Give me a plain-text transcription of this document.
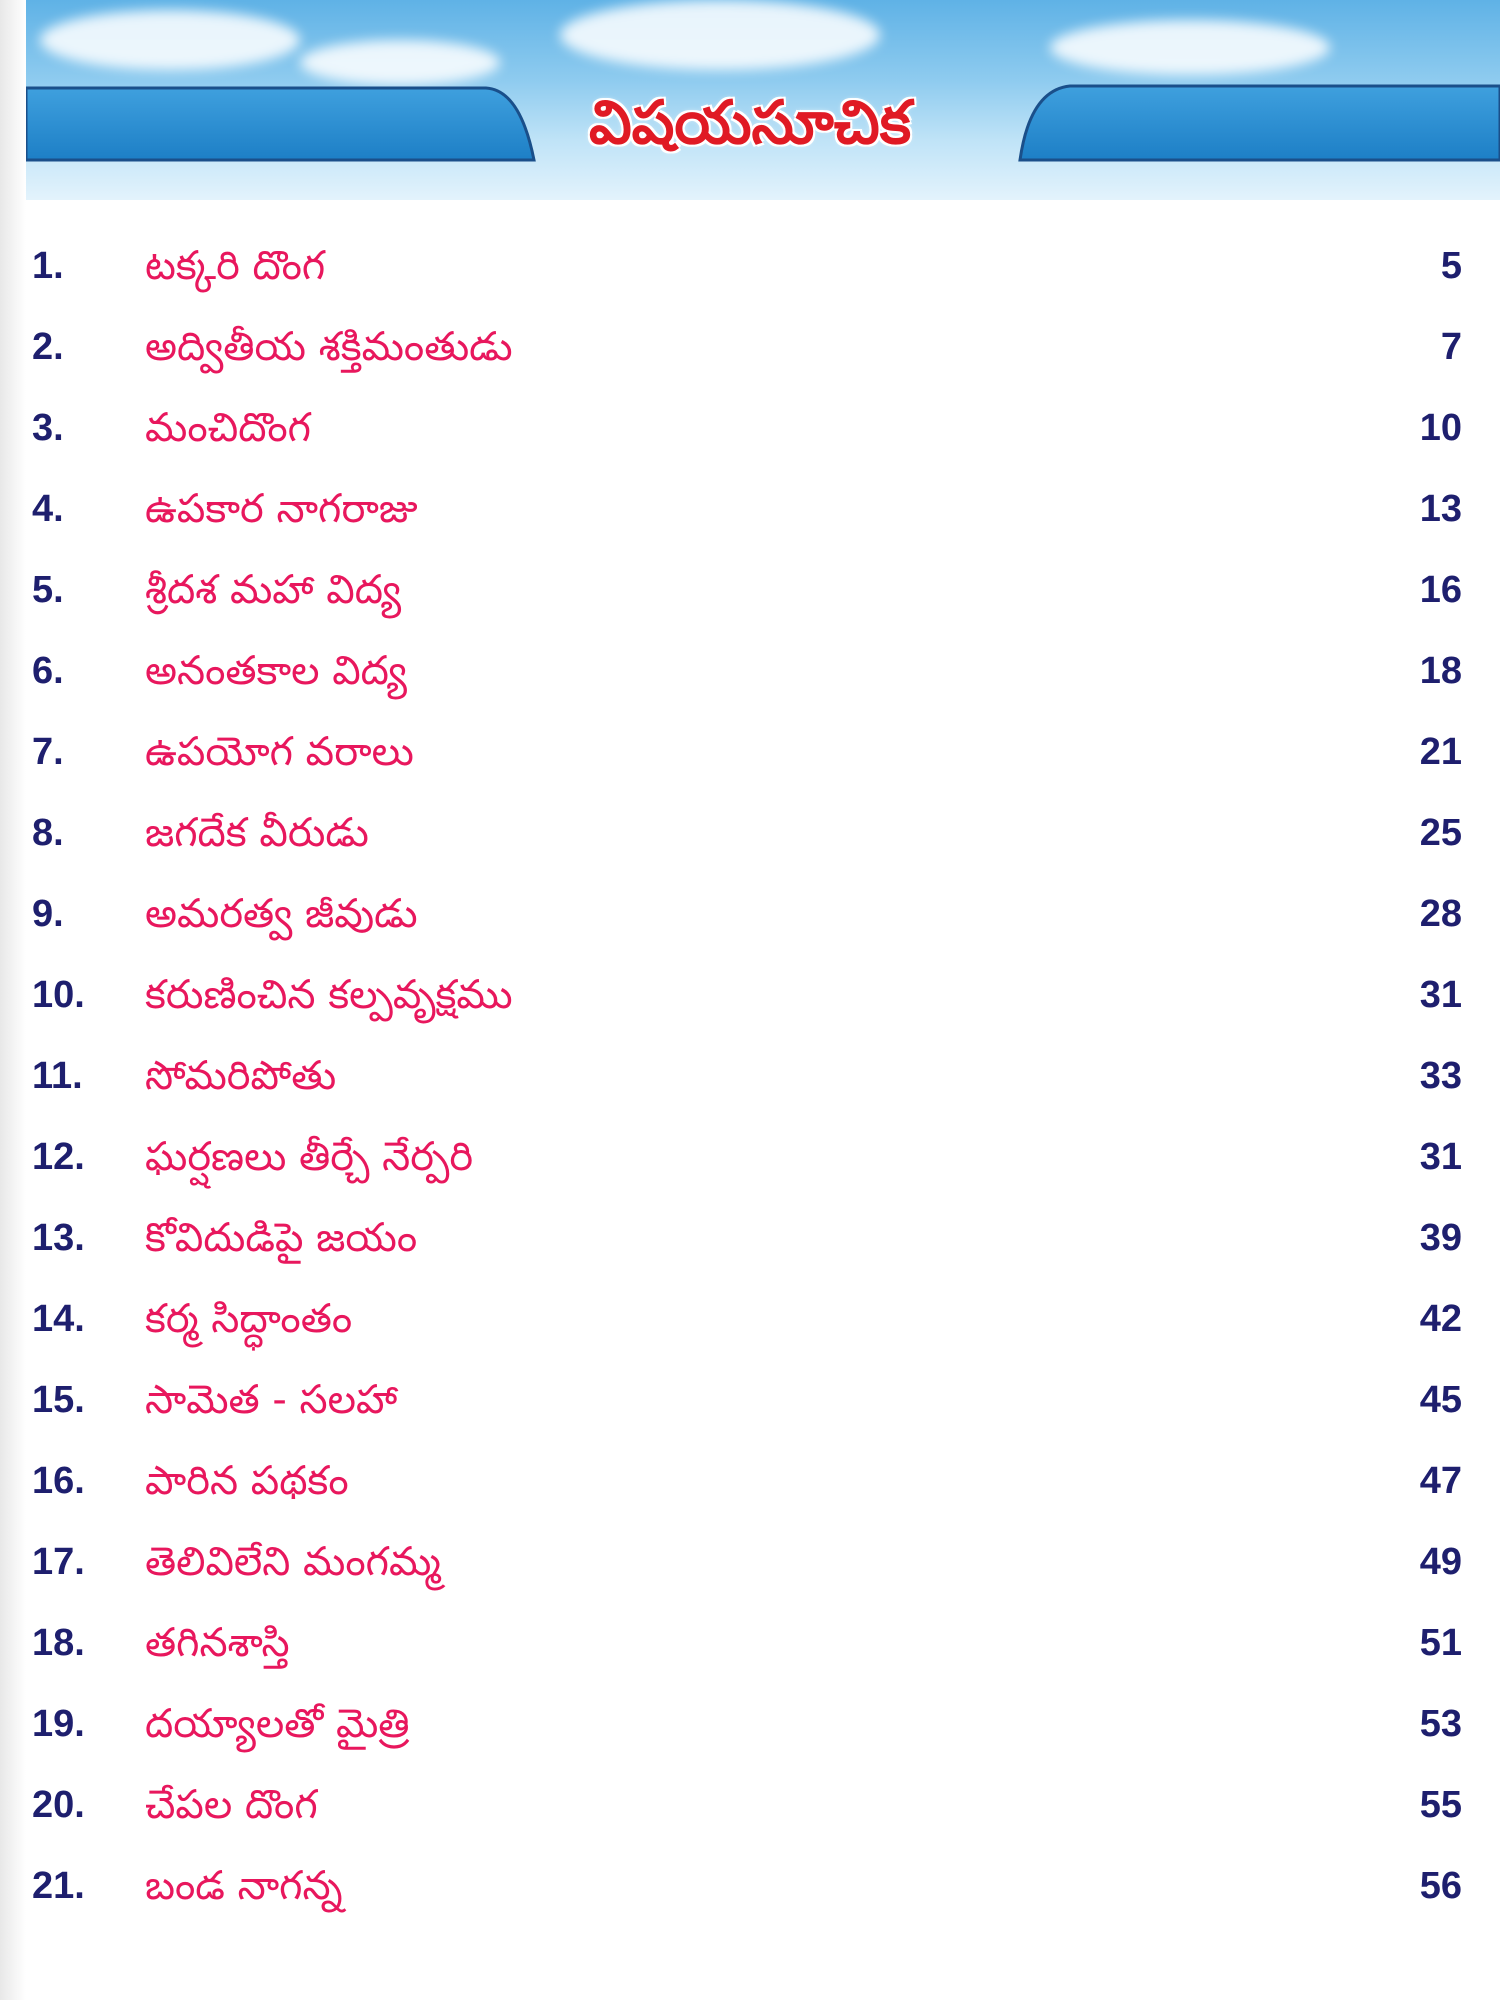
విషయసూచిక
1.	టక్కరి దొంగ	5
2.	అద్వితీయ శక్తిమంతుడు	7
3.	మంచిదొంగ	10
4.	ఉపకార నాగరాజు	13
5.	శ్రీదశ మహా విద్య	16
6.	అనంతకాల విద్య	18
7.	ఉపయోగ వరాలు	21
8.	జగదేక వీరుడు	25
9.	అమరత్వ జీవుడు	28
10.	కరుణించిన కల్పవృక్షము	31
11.	సోమరిపోతు	33
12.	ఘర్షణలు తీర్చే నేర్పరి	31
13.	కోవిదుడిపై జయం	39
14.	కర్మ సిద్ధాంతం	42
15.	సామెత - సలహా	45
16.	పారిన పథకం	47
17.	తెలివిలేని మంగమ్మ	49
18.	తగినశాస్తి	51
19.	దయ్యాలతో మైత్రి	53
20.	చేపల దొంగ	55
21.	బండ నాగన్న	56
